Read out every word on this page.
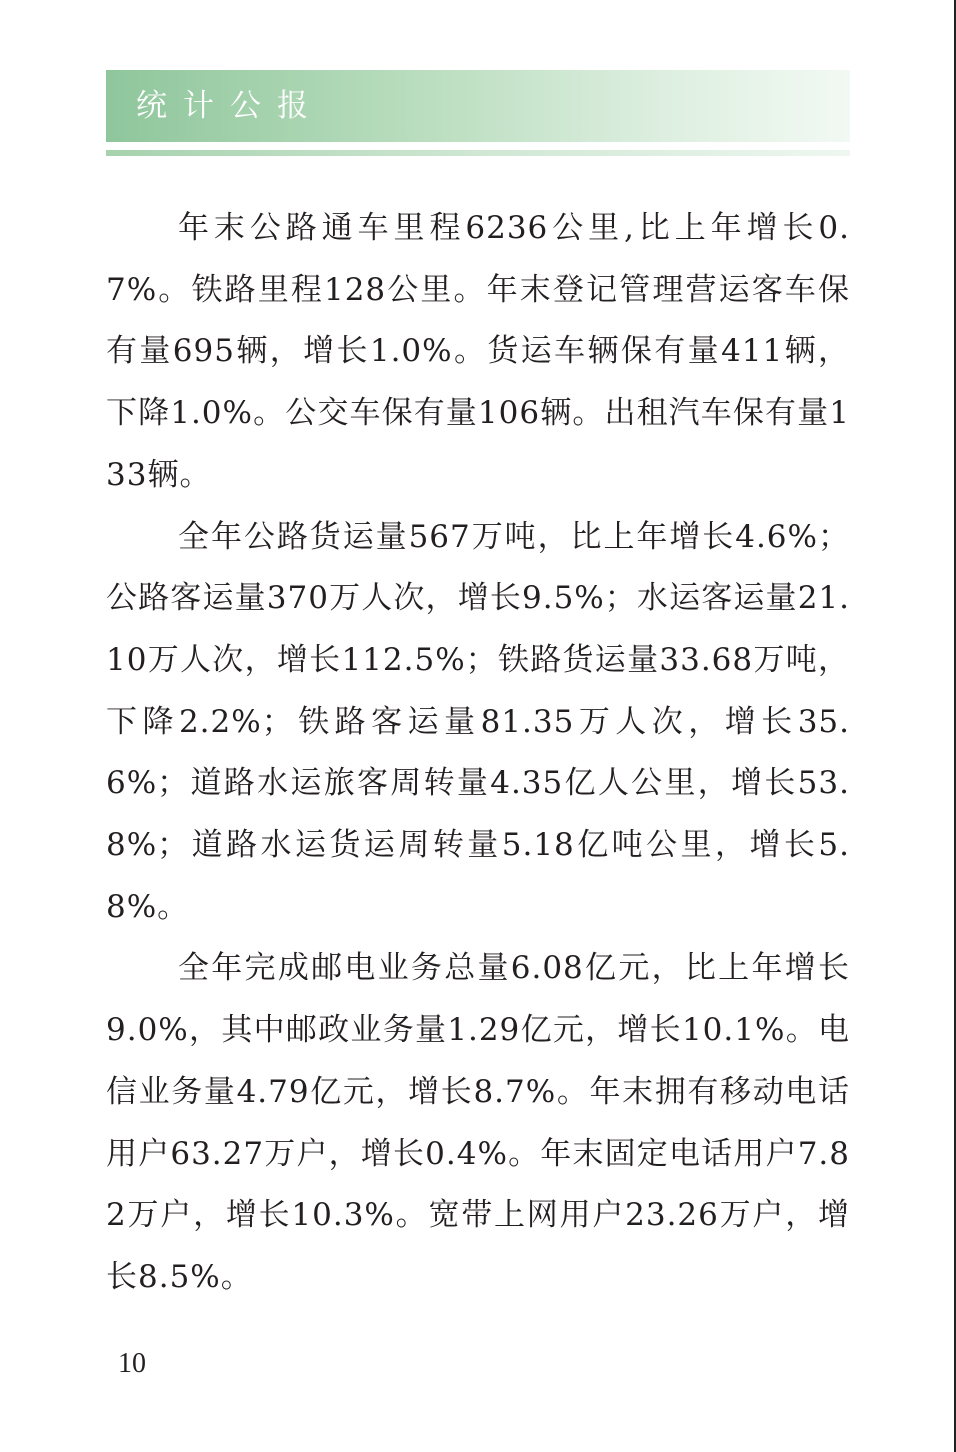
统计公报

年末公路通车里程6236公里,比上年增长0.7%。铁路里程128公里。年末登记管理营运客车保有量695辆，增长1.0%。货运车辆保有量411辆，下降1.0%。公交车保有量106辆。出租汽车保有量133辆。

全年公路货运量567万吨，比上年增长4.6%；公路客运量370万人次，增长9.5%；水运客运量21.10万人次，增长112.5%；铁路货运量33.68万吨，下降2.2%；铁路客运量81.35万人次，增长35.6%；道路水运旅客周转量4.35亿人公里，增长53.8%；道路水运货运周转量5.18亿吨公里，增长5.8%。

全年完成邮电业务总量6.08亿元，比上年增长9.0%，其中邮政业务量1.29亿元，增长10.1%。电信业务量4.79亿元，增长8.7%。年末拥有移动电话用户63.27万户，增长0.4%。年末固定电话用户7.82万户，增长10.3%。宽带上网用户23.26万户，增长8.5%。

10
